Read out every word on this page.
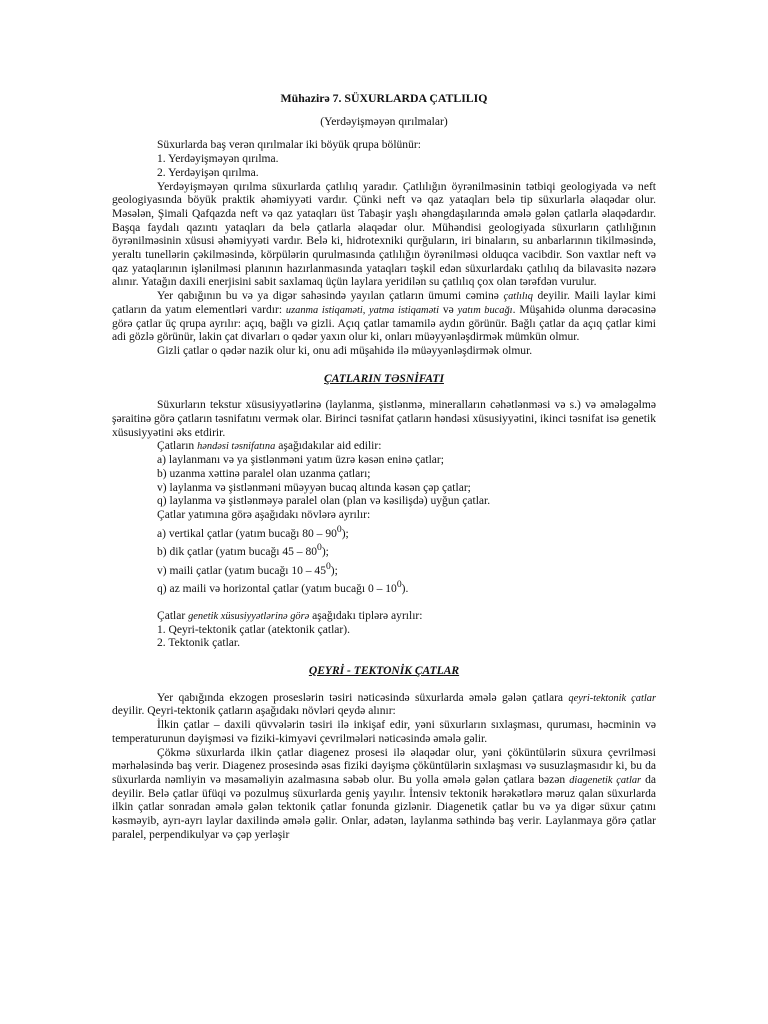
Mühazirə 7. SÜXURLARDA ÇATLILIQ
(Yerdəyişməyən qırılmalar)
Süxurlarda baş verən qırılmalar iki böyük qrupa bölünür:
1. Yerdəyişməyən qırılma.
2. Yerdəyişən qırılma.
Yerdəyişməyən qırılma süxurlarda çatlılıq yaradır. Çatlılığın öyrənilməsinin tətbiqi geologiyada və neft geologiyasında böyük praktik əhəmiyyəti vardır. Çünki neft və qaz yataqları belə tip süxurlarla əlaqədar olur. Məsələn, Şimali Qafqazda neft və qaz yataqları üst Tabaşir yaşlı əhəngdaşılarında əmələ gələn çatlarla əlaqədardır. Başqa faydalı qazıntı yataqları da belə çatlarla əlaqədar olur. Mühəndisi geologiyada süxurların çatlılığının öyrənilməsinin xüsusi əhəmiyyəti vardır. Belə ki, hidrotexniki qurğuların, iri binaların, su anbarlarının tikilməsində, yeraltı tunellərin çəkilməsində, körpülərin qurulmasında çatlılığın öyrənilməsi olduqca vacibdir. Son vaxtlar neft və qaz yataqlarının işlənilməsi planının hazırlanmasında yataqları təşkil edən süxurlardakı çatlılıq da bilavasitə nəzərə alınır. Yatağın daxili enerjisini sabit saxlamaq üçün laylara yeridilən su çatlılıq çox olan tərəfdən vurulur.
Yer qabığının bu və ya digər sahəsində yayılan çatların ümumi cəminə çatlılıq deyilir. Maili laylar kimi çatların da yatım elementləri vardır: uzanma istiqaməti, yatma istiqaməti və yatım bucağı. Müşahidə olunma dərəcəsinə görə çatlar üç qrupa ayrılır: açıq, bağlı və gizli. Açıq çatlar tamamilə aydın görünür. Bağlı çatlar da açıq çatlar kimi adi gözlə görünür, lakin çat divarları o qədər yaxın olur ki, onları müəyyənləşdirmək mümkün olmur.
Gizli çatlar o qədər nazik olur ki, onu adi müşahidə ilə müəyyənləşdirmək olmur.
ÇATLARIN TƏSNİFATI
Süxurların tekstur xüsusiyyətlərinə (laylanma, şistlənmə, mineralların cəhətlənməsi və s.) və əmələgəlmə şəraitinə görə çatların təsnifatını vermək olar. Birinci təsnifat çatların həndəsi xüsusiyyətini, ikinci təsnifat isə genetik xüsusiyyətini əks etdirir.
Çatların həndəsi təsnifatına aşağıdakılar aid edilir:
a) laylanmanı və ya şistlənməni yatım üzrə kəsən eninə çatlar;
b) uzanma xəttinə paralel olan uzanma çatları;
v) laylanma və şistlənməni müəyyən bucaq altında kəsən çəp çatlar;
q) laylanma və şistlənməyə paralel olan (plan və kəsilişdə) uyğun çatlar.
Çatlar yatımına görə aşağıdakı növlərə ayrılır:
a) vertikal çatlar (yatım bucağı $80 - 90^0$);
b) dik çatlar (yatım bucağı $45 - 80^0$);
v) maili çatlar (yatım bucağı $10 - 45^0$);
q) az maili və horizontal çatlar (yatım bucağı $0 - 10^0$).
Çatlar genetik xüsusiyyətlərinə görə aşağıdakı tiplərə ayrılır:
1. Qeyri-tektonik çatlar (atektonik çatlar).
2. Tektonik çatlar.
QEYRİ - TEKTONİK ÇATLAR
Yer qabığında ekzogen proseslərin təsiri nəticəsində süxurlarda əmələ gələn çatlara qeyri-tektonik çatlar deyilir. Qeyri-tektonik çatların aşağıdakı növləri qeydə alınır:
İlkin çatlar – daxili qüvvələrin təsiri ilə inkişaf edir, yəni süxurların sıxlaşması, quruması, həcminin və temperaturunun dəyişməsi və fiziki-kimyəvi çevrilmələri nəticəsində əmələ gəlir.
Çökmə süxurlarda ilkin çatlar diagenez prosesi ilə əlaqədar olur, yəni çöküntülərin süxura çevrilməsi mərhələsində baş verir. Diagenez prosesində əsas fiziki dəyişmə çöküntülərin sıxlaşması və susuzlaşmasıdır ki, bu da süxurlarda nəmliyin və məsaməliyin azalmasına səbəb olur. Bu yolla əmələ gələn çatlara bəzən diagenetik çatlar da deyilir. Belə çatlar üfüqi və pozulmuş süxurlarda geniş yayılır. İntensiv tektonik hərəkətlərə məruz qalan süxurlarda ilkin çatlar sonradan əmələ gələn tektonik çatlar fonunda gizlənir. Diagenetik çatlar bu və ya digər süxur çatını kəsməyib, ayrı-ayrı laylar daxilində əmələ gəlir. Onlar, adətən, laylanma səthində baş verir. Laylanmaya görə çatlar paralel, perpendikulyar və çəp yerləşir
